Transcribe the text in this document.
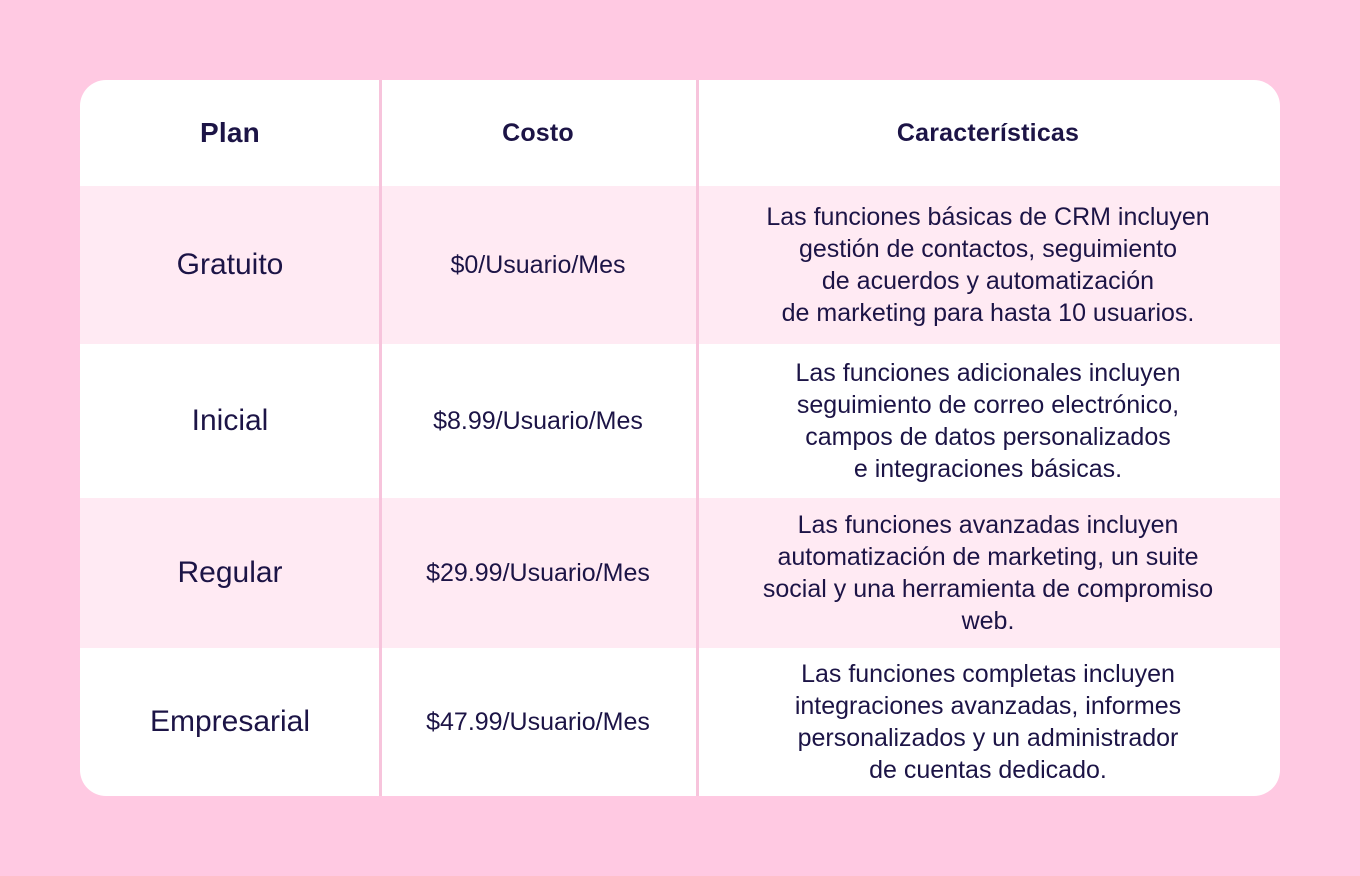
Plan	Costo	Características
Gratuito	$0/Usuario/Mes
Las funciones básicas de CRM incluyen
gestión de contactos, seguimiento
de acuerdos y automatización
de marketing para hasta 10 usuarios.
Inicial	$8.99/Usuario/Mes
Las funciones adicionales incluyen
seguimiento de correo electrónico,
campos de datos personalizados
e integraciones básicas.
Regular	$29.99/Usuario/Mes
Las funciones avanzadas incluyen
automatización de marketing, un suite
social y una herramienta de compromiso
web.
Empresarial	$47.99/Usuario/Mes
Las funciones completas incluyen
integraciones avanzadas, informes
personalizados y un administrador
de cuentas dedicado.
